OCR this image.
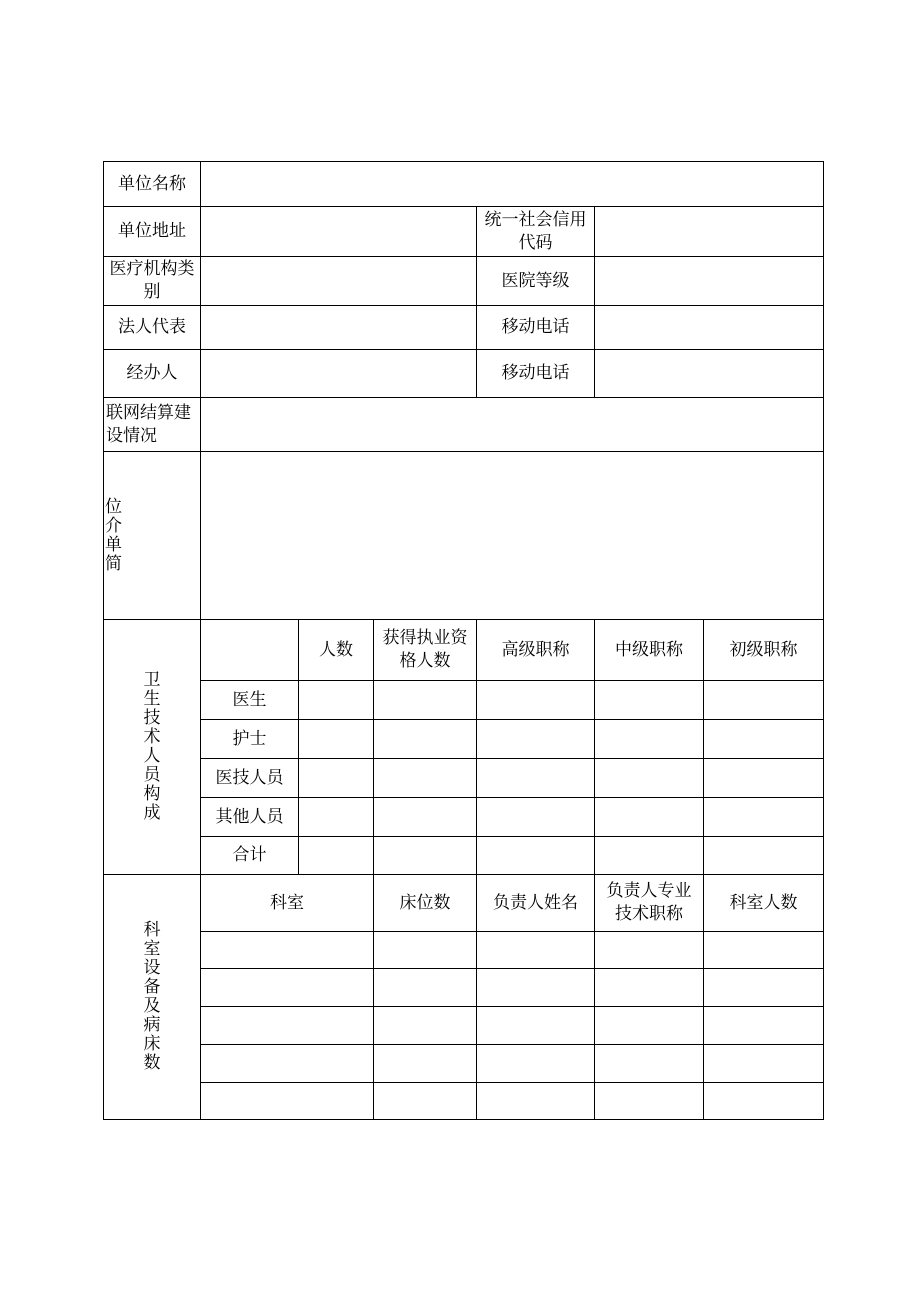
单位名称						
单位地址				统一社会信用代码		

医疗机构类别				医院等级		
法人代表				移动电话		
经办人				移动电话		

联网结算建设情况						

位介单简						

卫生技术人员构成		人数	获得执业资格人数	高级职称	中级职称	初级职称
	医生					
	护士					
	医技人员					
	其他人员					
	合计					

科室设备及病床数	科室		床位数	负责人姓名	负责人专业技术职称	科室人数
